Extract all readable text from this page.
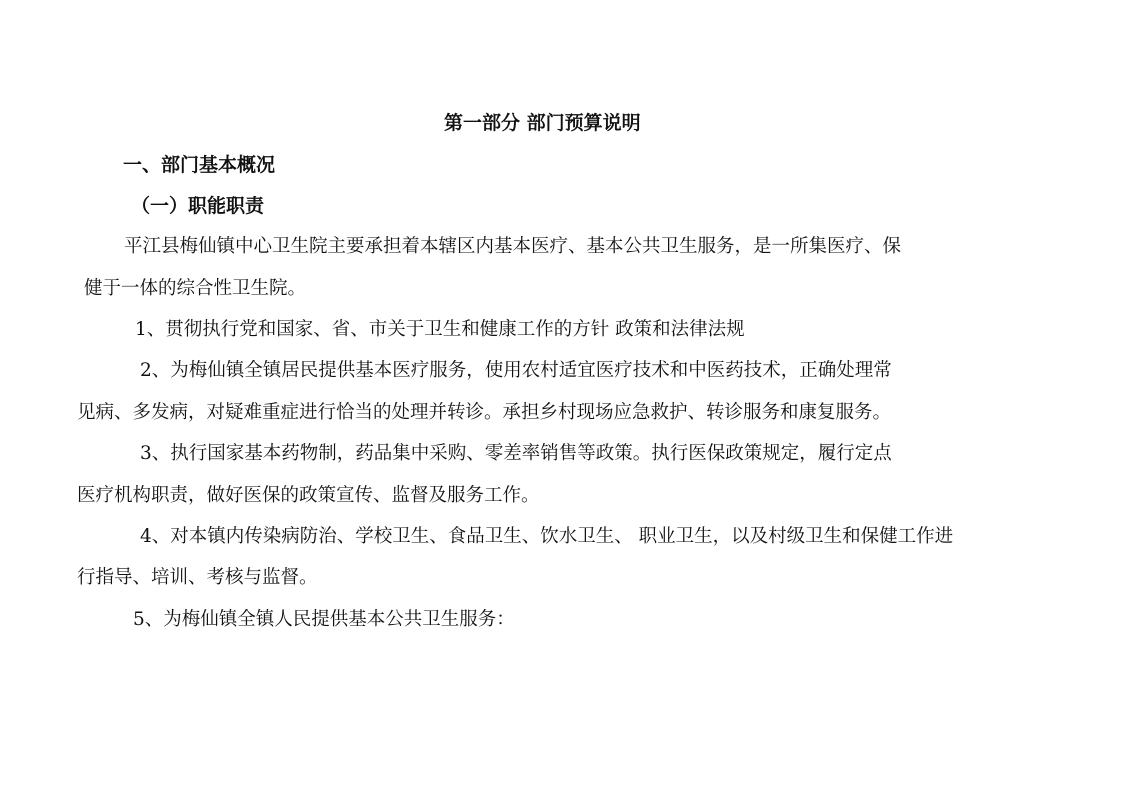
第一部分 部门预算说明
一、部门基本概况
（一）职能职责
平江县梅仙镇中心卫生院主要承担着本辖区内基本医疗、基本公共卫生服务，是一所集医疗、保
健于一体的综合性卫生院。
1、贯彻执行党和国家、省、市关于卫生和健康工作的方针 政策和法律法规
2、为梅仙镇全镇居民提供基本医疗服务，使用农村适宜医疗技术和中医药技术，正确处理常
见病、多发病，对疑难重症进行恰当的处理并转诊。承担乡村现场应急救护、转诊服务和康复服务。
3、执行国家基本药物制，药品集中采购、零差率销售等政策。执行医保政策规定，履行定点
医疗机构职责，做好医保的政策宣传、监督及服务工作。
4、对本镇内传染病防治、学校卫生、食品卫生、饮水卫生、 职业卫生，以及村级卫生和保健工作进
行指导、培训、考核与监督。
5、为梅仙镇全镇人民提供基本公共卫生服务：
